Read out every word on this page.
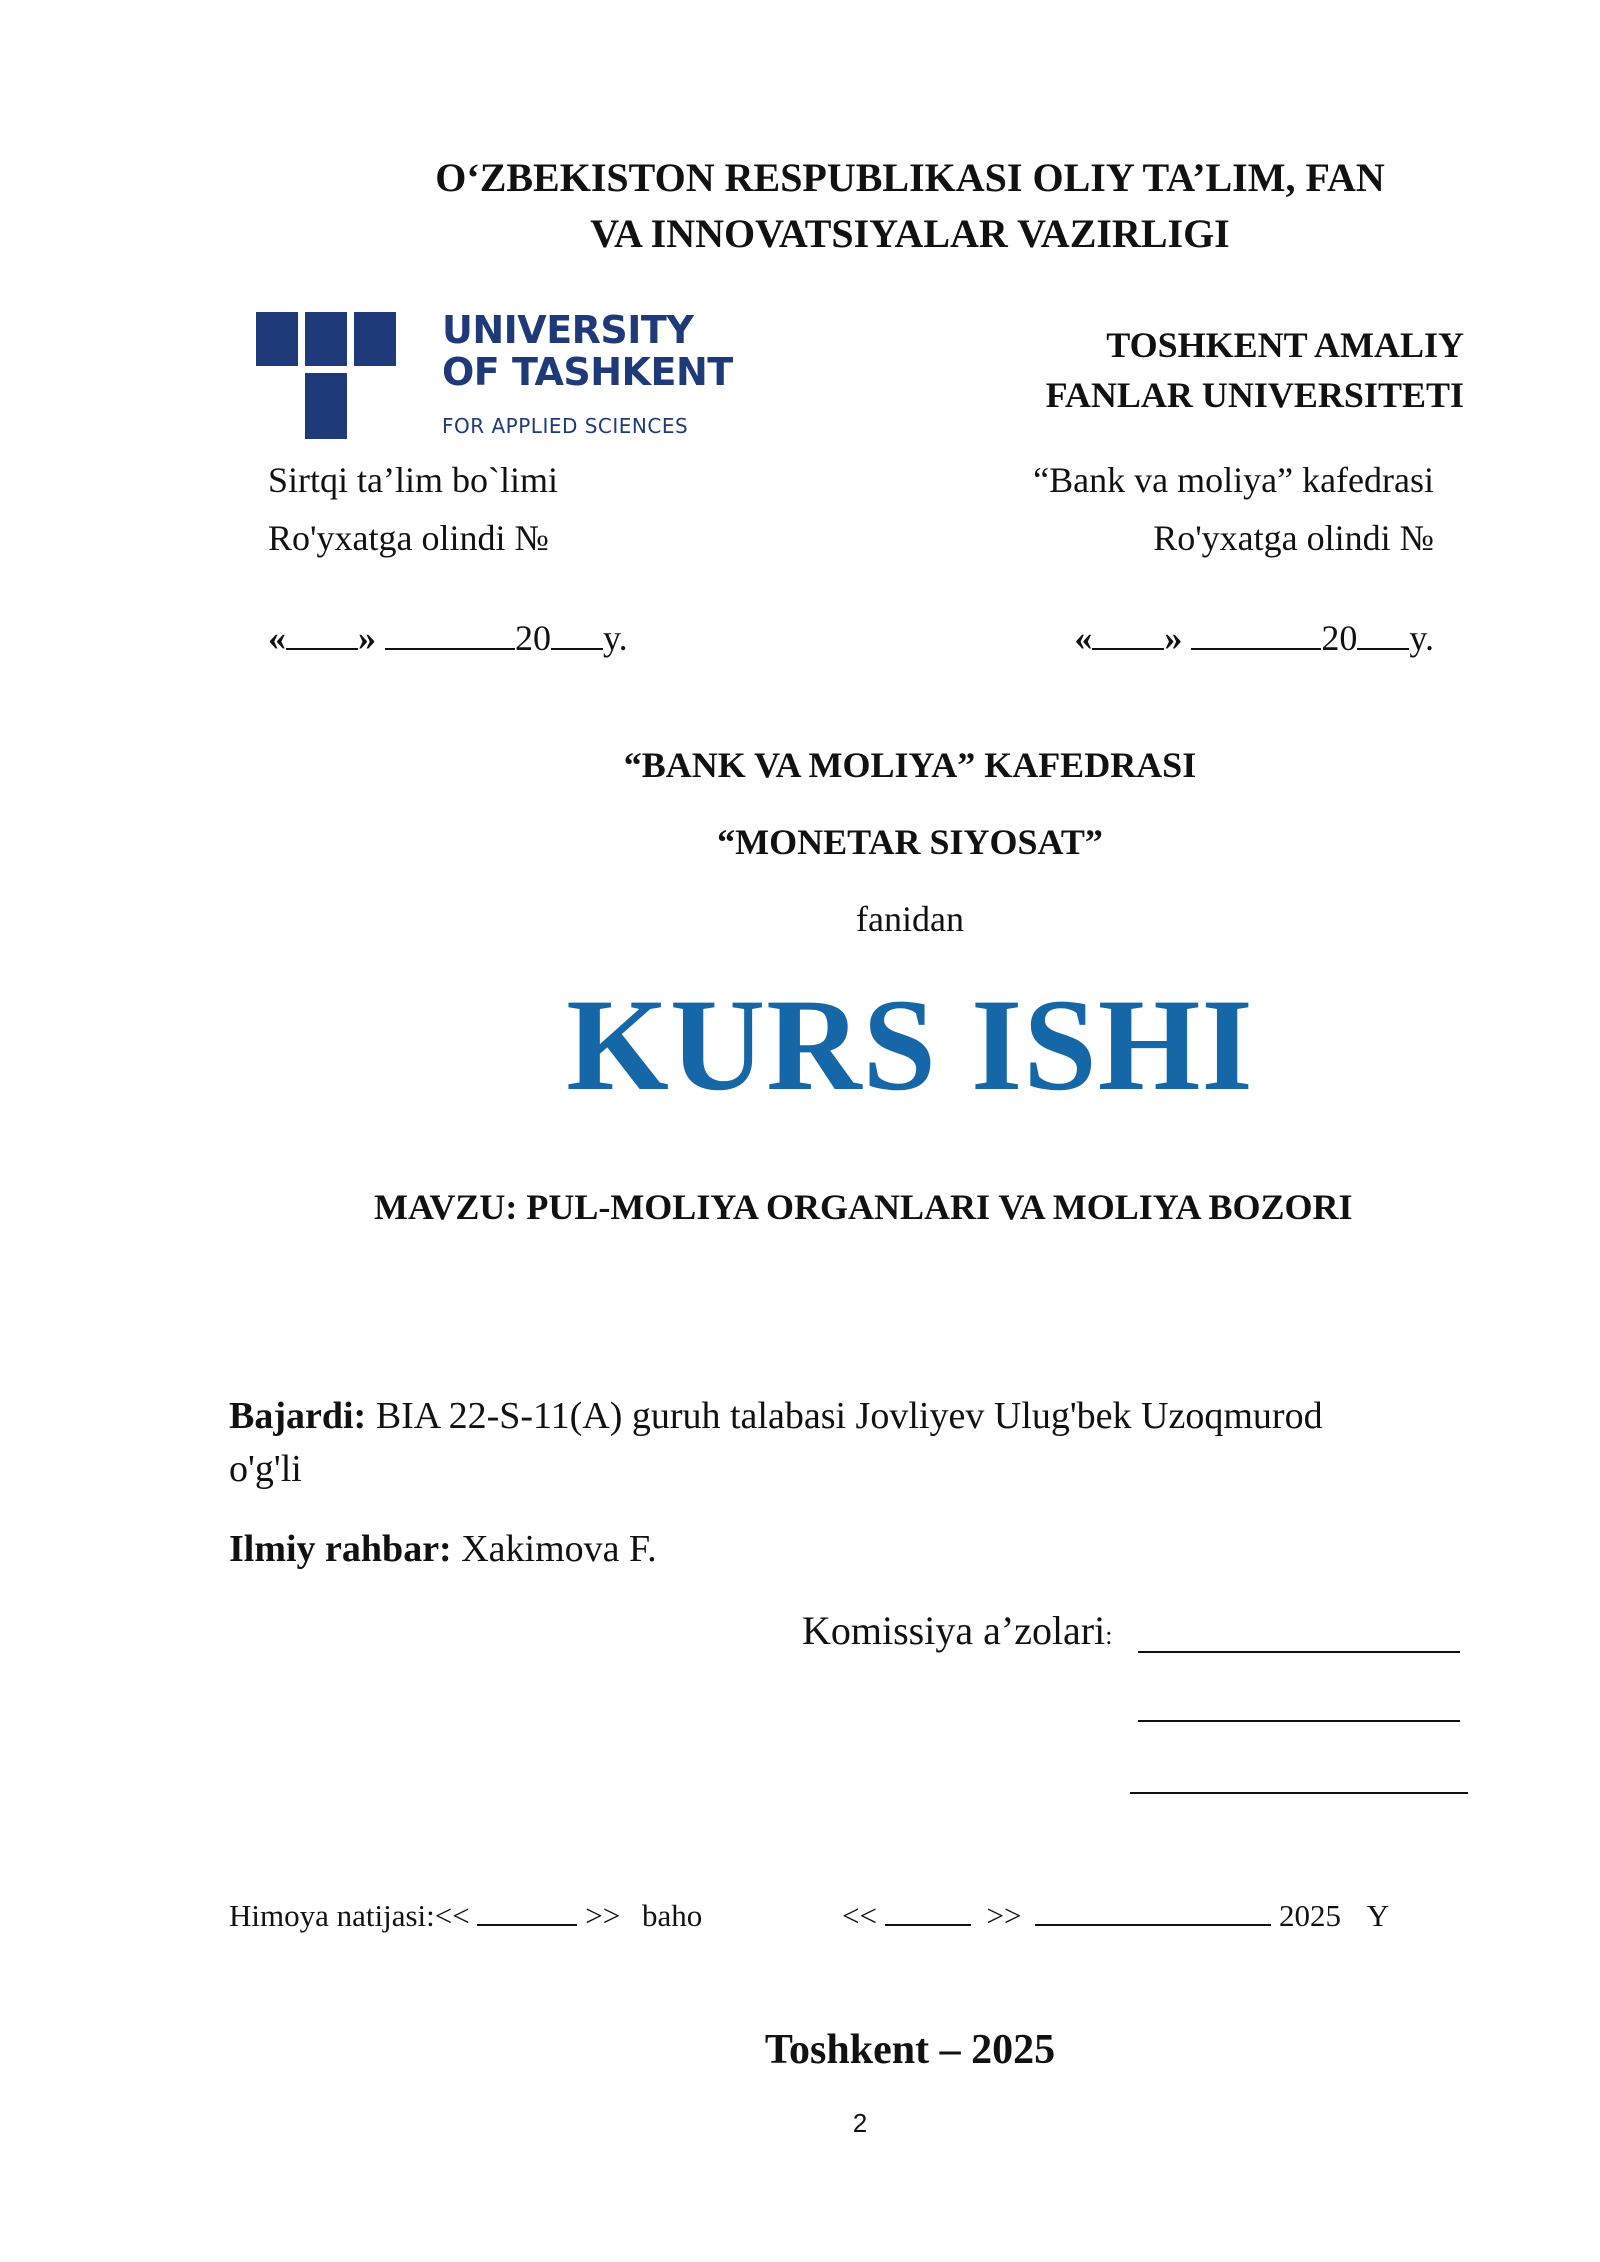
O‘ZBEKISTON RESPUBLIKASI OLIY TA’LIM, FAN
VA INNOVATSIYALAR VAZIRLIGI
UNIVERSITY
OF TASHKENT
FOR APPLIED SCIENCES
TOSHKENT AMALIY
FANLAR UNIVERSITETI
Sirtqi ta’lim bo`limi
Ro'yxatga olindi №
« »	20 y.
“Bank va moliya” kafedrasi
Ro'yxatga olindi №
« »	20 y.
“BANK VA MOLIYA” KAFEDRASI
“MONETAR SIYOSAT”
fanidan
KURS ISHI
MAVZU: PUL-MOLIYA ORGANLARI VA MOLIYA BOZORI
Bajardi: BIA 22-S-11(A) guruh talabasi Jovliyev Ulug'bek Uzoqmurod
o'g'li
Ilmiy rahbar: Xakimova F.
Komissiya a’zolari:
Himoya natijasi:<<	>> baho	<<	>>	2025 Y
Toshkent – 2025
2
